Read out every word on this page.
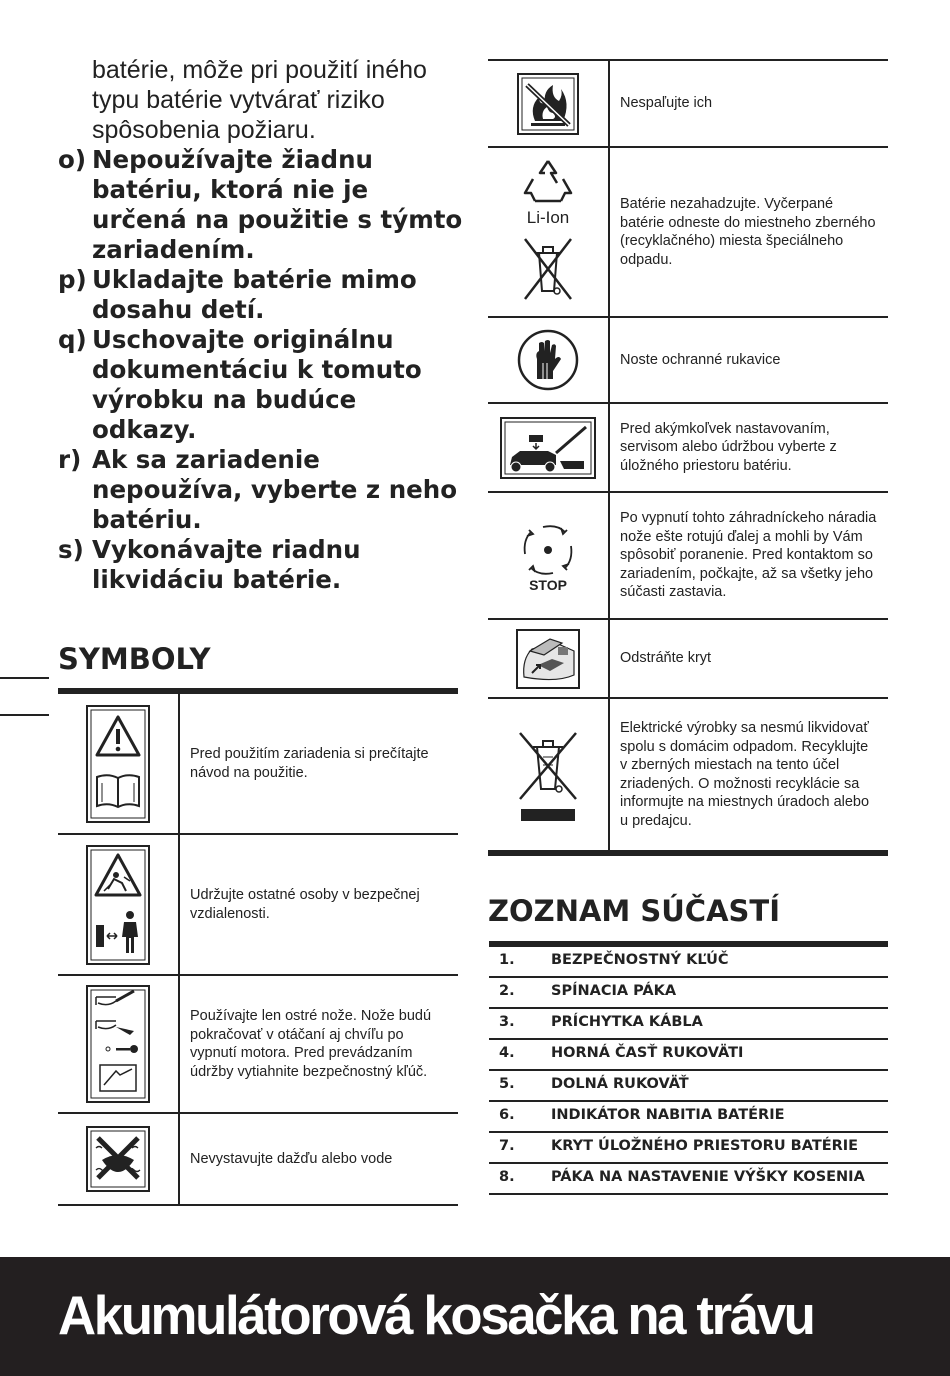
batérie, môže pri použití iného typu batérie vytvárať riziko spôsobenia požiaru.

o) Nepoužívajte žiadnu batériu, ktorá nie je určená na použitie s týmto zariadením.
p) Ukladajte batérie mimo dosahu detí.
q) Uschovajte originálnu dokumentáciu k tomuto výrobku na budúce odkazy.
r) Ak sa zariadenie nepoužíva, vyberte z neho batériu.
s) Vykonávajte riadnu likvidáciu batérie.
SYMBOLY
	Pred použitím zariadenia si prečítajte návod na použitie.
	Udržujte ostatné osoby v bezpečnej vzdialenosti.
	Používajte len ostré nože. Nože budú pokračovať v otáčaní aj chvíľu po vypnutí motora. Pred prevádzaním údržby vytiahnite bezpečnostný kľúč.
	Nevystavujte dažďu alebo vode
	Nespaľujte ich

Li-Ion	Batérie nezahadzujte. Vyčerpané batérie odneste do miestneho zberného (recyklačného) miesta špeciálneho odpadu.
	Noste ochranné rukavice
	Pred akýmkoľvek nastavovaním, servisom alebo údržbou vyberte z úložného priestoru batériu.

STOP	Po vypnutí tohto záhradníckeho náradia nože ešte rotujú ďalej a mohli by Vám spôsobiť poranenie. Pred kontaktom so zariadením, počkajte, až sa všetky jeho súčasti zastavia.
	Odstráňte kryt
	Elektrické výrobky sa nesmú likvidovať spolu s domácim odpadom. Recyklujte v zberných miestach na tento účel zriadených. O možnosti recyklácie sa informujte na miestnych úradoch alebo u predajcu.
ZOZNAM SÚČASTÍ
1.	BEZPEČNOSTNÝ KĽÚČ
2.	SPÍNACIA PÁKA
3.	PRÍCHYTKA KÁBLA
4.	HORNÁ ČASŤ RUKOVÄTI
5.	DOLNÁ RUKOVÄŤ
6.	INDIKÁTOR NABITIA BATÉRIE
7.	KRYT ÚLOŽNÉHO PRIESTORU BATÉRIE
8.	PÁKA NA NASTAVENIE VÝŠKY KOSENIA
Akumulátorová kosačka na trávu
